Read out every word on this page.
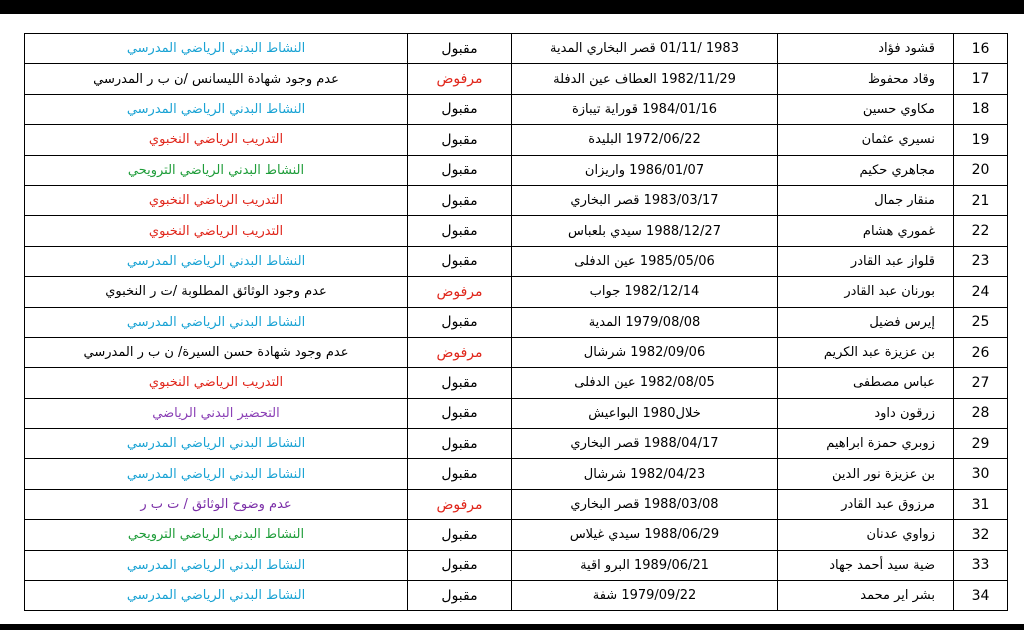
16	قشود فؤاد	1983 /01/11 قصر البخاري المدية	مقبول	النشاط البدني الرياضي المدرسي
17	وقاد محفوظ	1982/11/29 العطاف عين الدفلة	مرفوض	عدم وجود شهادة الليسانس /ن ب ر المدرسي
18	مكاوي حسين	1984/01/16 قوراية تيبازة	مقبول	النشاط البدني الرياضي المدرسي
19	نسيري عثمان	1972/06/22 البليدة	مقبول	التدريب الرياضي النخبوي
20	مجاهري حكيم	1986/01/07 واريزان	مقبول	النشاط البدني الرياضي الترويحي
21	منقار جمال	1983/03/17 قصر البخاري	مقبول	التدريب الرياضي النخبوي
22	غموري هشام	1988/12/27 سيدي بلعباس	مقبول	التدريب الرياضي النخبوي
23	قلواز عبد القادر	1985/05/06 عين الدفلى	مقبول	النشاط البدني الرياضي المدرسي
24	بورنان عبد القادر	1982/12/14 جواب	مرفوض	عدم وجود الوثائق المطلوبة /ت ر النخبوي
25	إيرس فضيل	1979/08/08 المدية	مقبول	النشاط البدني الرياضي المدرسي
26	بن عزيزة عبد الكريم	1982/09/06 شرشال	مرفوض	عدم وجود شهادة حسن السيرة/ ن ب ر المدرسي
27	عباس مصطفى	1982/08/05 عين الدفلى	مقبول	التدريب الرياضي النخبوي
28	زرقون داود	خلال1980 البواعيش	مقبول	التحضير البدني الرياضي
29	زوبري حمزة ابراهيم	1988/04/17 قصر البخاري	مقبول	النشاط البدني الرياضي المدرسي
30	بن عزيزة نور الدين	1982/04/23 شرشال	مقبول	النشاط البدني الرياضي المدرسي
31	مرزوق عبد القادر	1988/03/08 قصر البخاري	مرفوض	عدم وضوح الوثائق / ت ب ر
32	زواوي عدنان	1988/06/29 سيدي غيلاس	مقبول	النشاط البدني الرياضي الترويحي
33	ضية سيد أحمد جهاد	1989/06/21 البرو اقية	مقبول	النشاط البدني الرياضي المدرسي
34	بشر اير محمد	1979/09/22 شفة	مقبول	النشاط البدني الرياضي المدرسي
